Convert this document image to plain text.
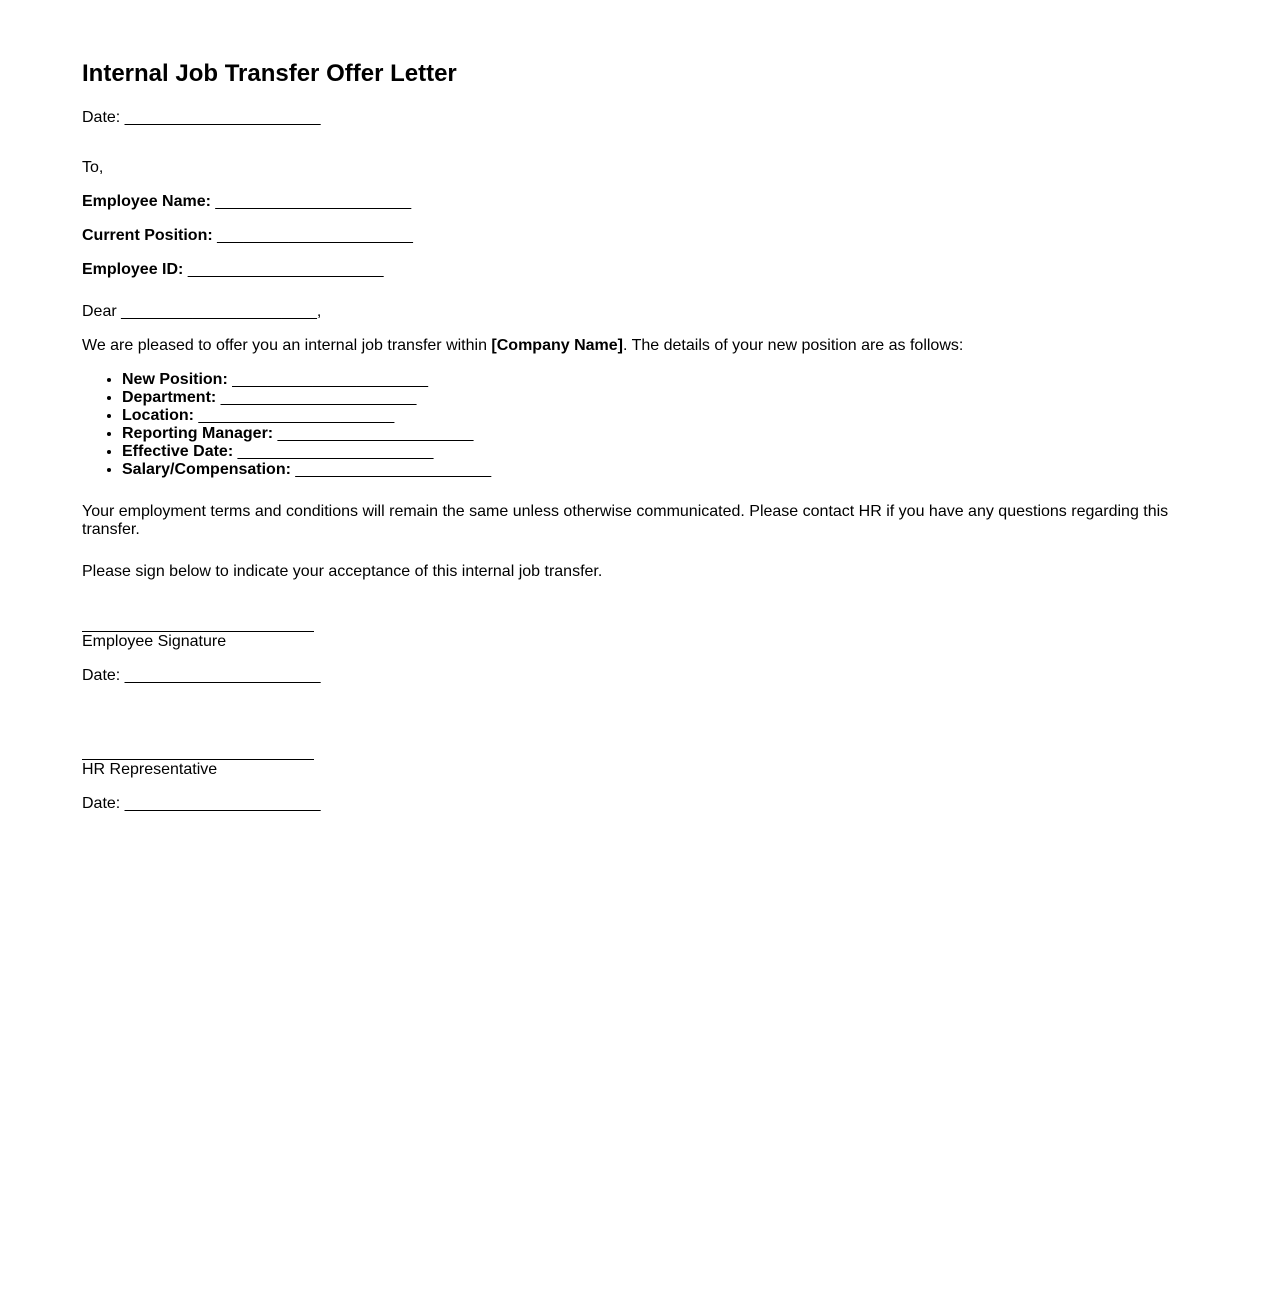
Internal Job Transfer Offer Letter

Date: ______________________

To,

Employee Name: ______________________

Current Position: ______________________

Employee ID: ______________________

Dear ______________________,

We are pleased to offer you an internal job transfer within [Company Name]. The details of your new position are as follows:

• New Position: ______________________
• Department: ______________________
• Location: ______________________
• Reporting Manager: ______________________
• Effective Date: ______________________
• Salary/Compensation: ______________________

Your employment terms and conditions will remain the same unless otherwise communicated. Please contact HR if you have any questions regarding this transfer.

Please sign below to indicate your acceptance of this internal job transfer.

Employee Signature

Date: ______________________

HR Representative

Date: ______________________
